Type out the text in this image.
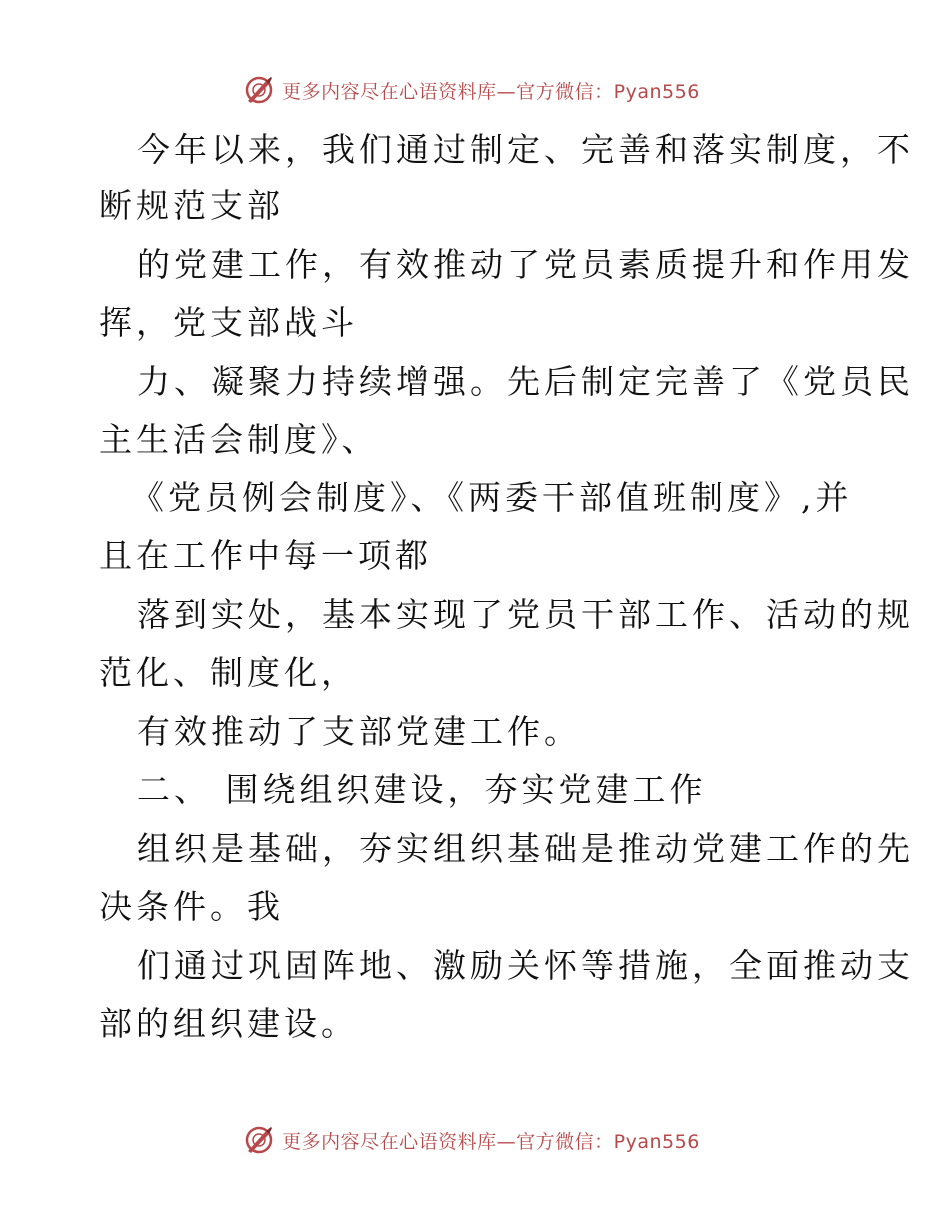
更多内容尽在心语资料库—官方微信：Pyan556
今年以来，我们通过制定、完善和落实制度，不
断规范支部
的党建工作，有效推动了党员素质提升和作用发
挥，党支部战斗
力、凝聚力持续增强。先后制定完善了《党员民
主生活会制度》、
《党员例会制度》、《两委干部值班制度》,并
且在工作中每一项都
落到实处，基本实现了党员干部工作、活动的规
范化、制度化，
有效推动了支部党建工作。
二、 围绕组织建设，夯实党建工作
组织是基础，夯实组织基础是推动党建工作的先
决条件。我
们通过巩固阵地、激励关怀等措施，全面推动支
部的组织建设。
更多内容尽在心语资料库—官方微信：Pyan556
